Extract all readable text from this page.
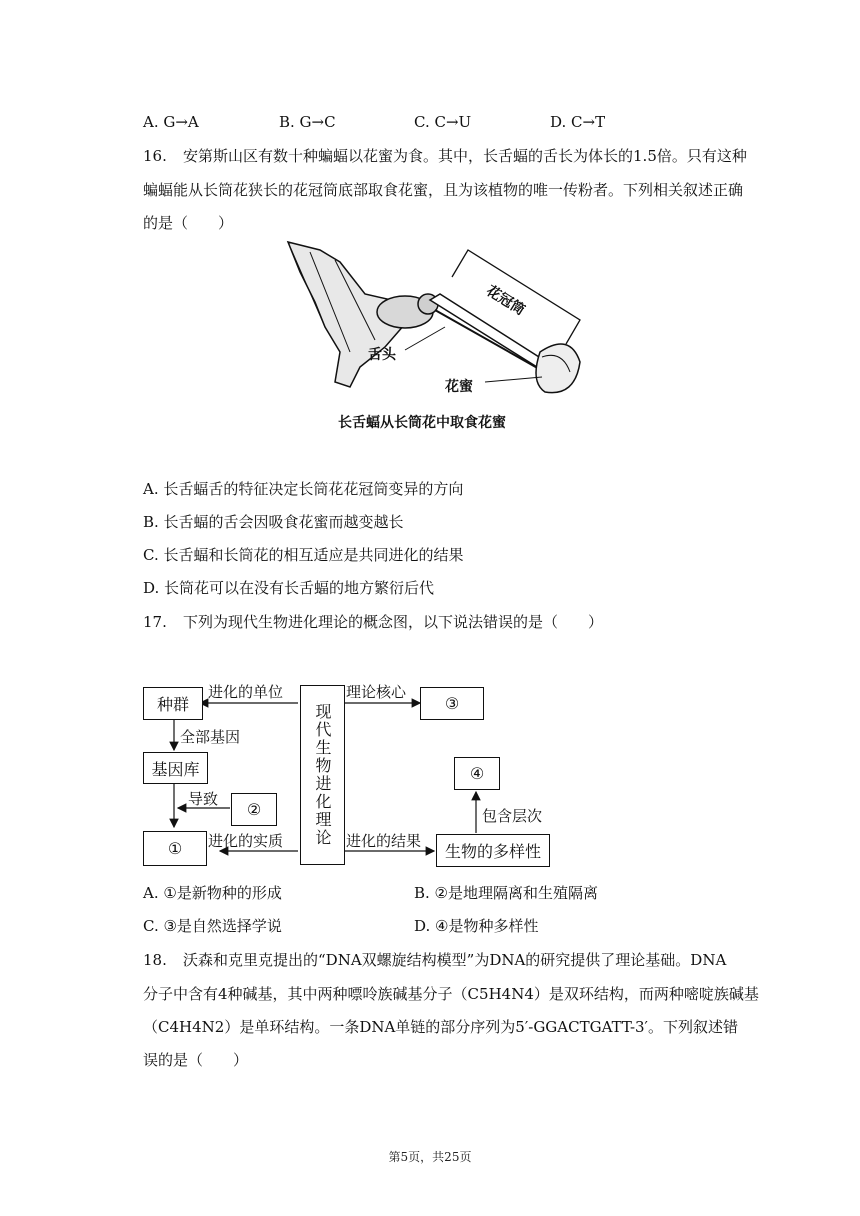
A. G→A	B. G→C	C. C→U	D. C→T
16. 安第斯山区有数十种蝙蝠以花蜜为食。其中，长舌蝠的舌长为体长的1.5倍。只有这种
蝙蝠能从长筒花狭长的花冠筒底部取食花蜜，且为该植物的唯一传粉者。下列相关叙述正确
的是（　　）
花冠筒
舌头
花蜜
长舌蝠从长筒花中取食花蜜
A. 长舌蝠舌的特征决定长筒花花冠筒变异的方向
B. 长舌蝠的舌会因吸食花蜜而越变越长
C. 长舌蝠和长筒花的相互适应是共同进化的结果
D. 长筒花可以在没有长舌蝠的地方繁衍后代
17. 下列为现代生物进化理论的概念图，以下说法错误的是（　　）
种群
基因库
①
②
③
④
生物的多样性
现代生物进化理论
进化的单位	理论核心
全部基因
导致
进化的实质	进化的结果
包含层次
A. ①是新物种的形成	B. ②是地理隔离和生殖隔离
C. ③是自然选择学说	D. ④是物种多样性
18. 沃森和克里克提出的“DNA双螺旋结构模型”为DNA的研究提供了理论基础。DNA
分子中含有4种碱基，其中两种嘌呤族碱基分子（C5H4N4）是双环结构，而两种嘧啶族碱基
（C4H4N2）是单环结构。一条DNA单链的部分序列为5′-GGACTGATT-3′。下列叙述错
误的是（　　）
第5页，共25页
